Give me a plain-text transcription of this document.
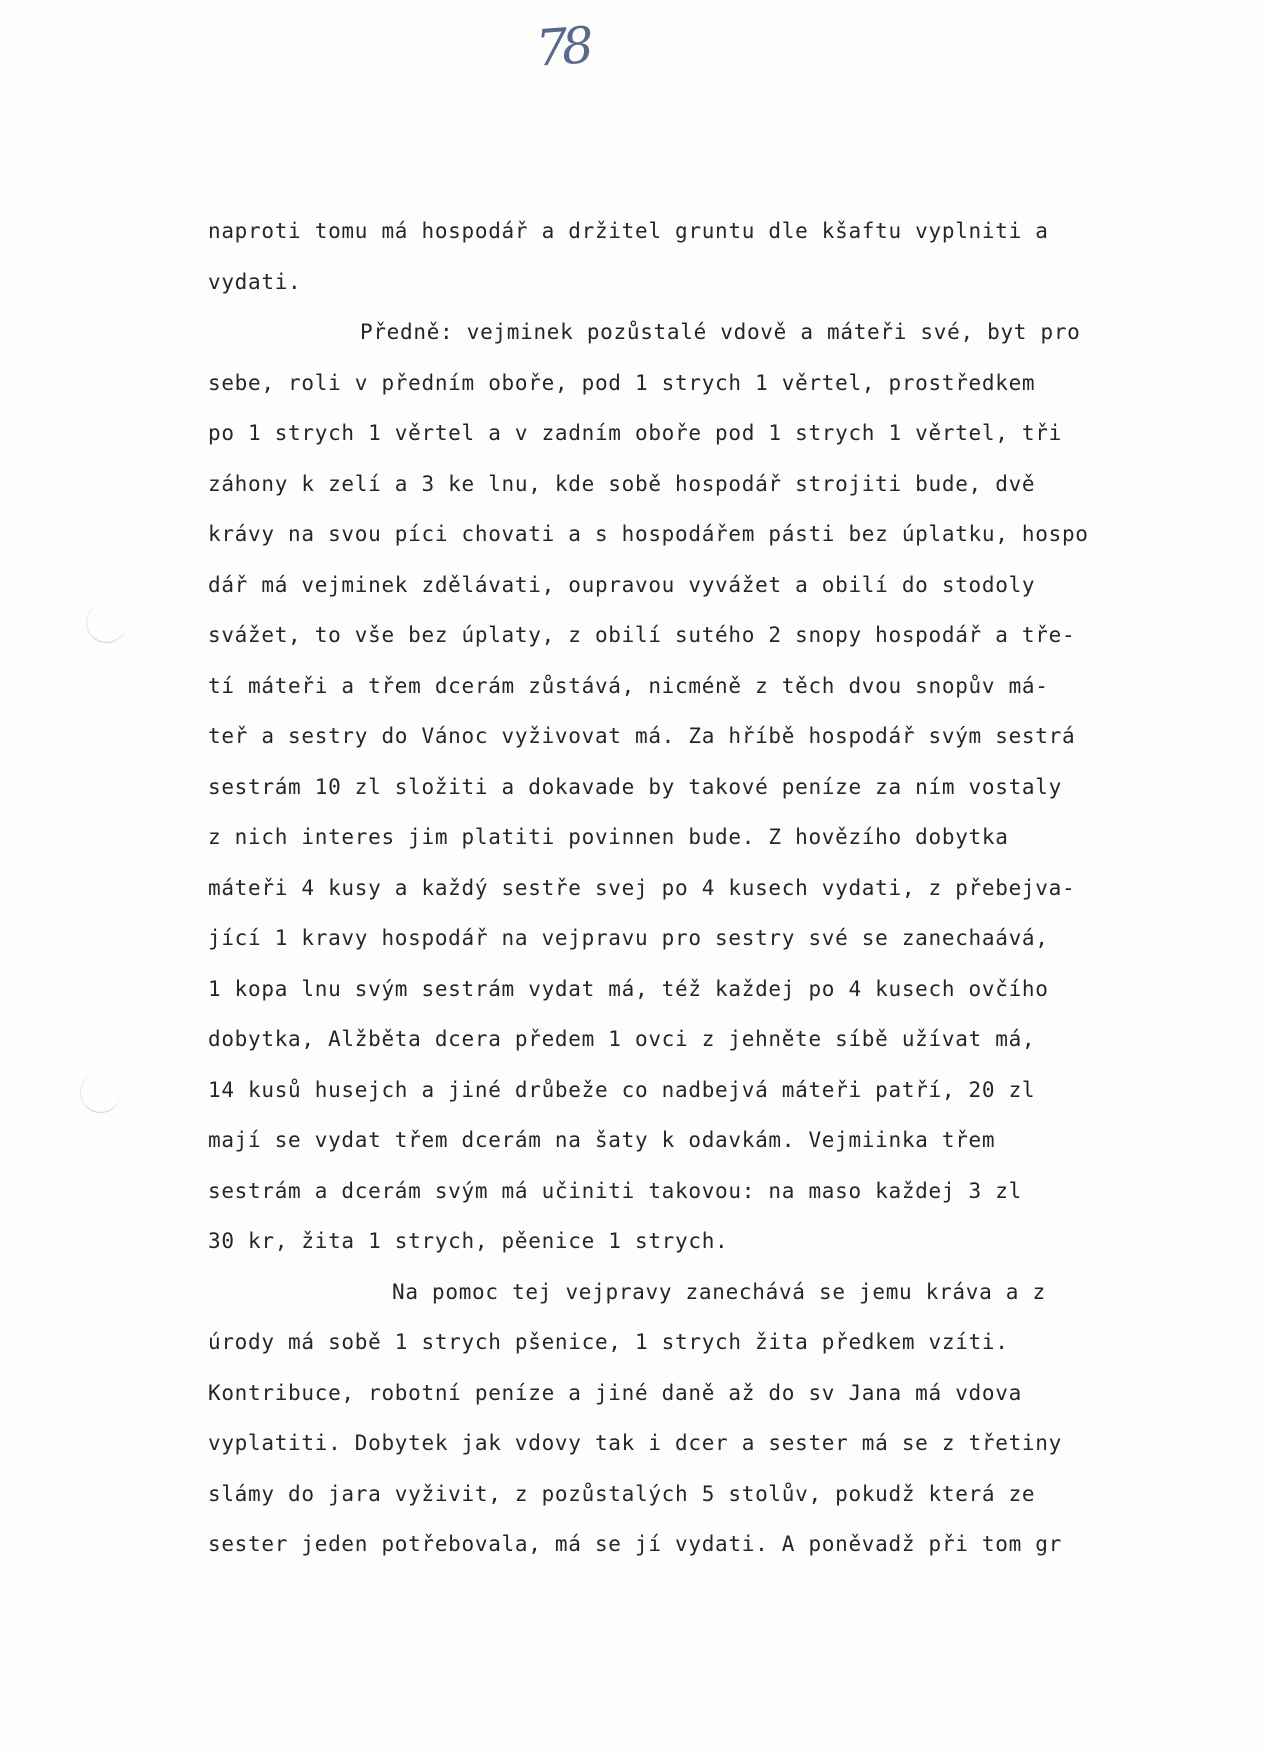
78
naproti tomu má hospodář a držitel gruntu dle kšaftu vyplniti a
vydati.
Předně: vejminek pozůstalé vdově a máteři své, byt pro
sebe, roli v předním oboře, pod 1 strych 1 věrtel, prostředkem
po 1 strych 1 věrtel a v zadním oboře pod 1 strych 1 věrtel, tři
záhony k zelí a 3 ke lnu, kde sobě hospodář strojiti bude, dvě
krávy na svou píci chovati a s hospodářem pásti bez úplatku, hospo
dář má vejminek zdělávati, oupravou vyvážet a obilí do stodoly
svážet, to vše bez úplaty, z obilí sutého 2 snopy hospodář a tře-
tí máteři a třem dcerám zůstává, nicméně z těch dvou snopův má-
teř a sestry do Vánoc vyživovat má. Za hříbě hospodář svým sestrá
sestrám 10 zl složiti a dokavade by takové peníze za ním vostaly
z nich interes jim platiti povinnen bude. Z hovězího dobytka
máteři 4 kusy a každý sestře svej po 4 kusech vydati, z přebejva-
jící 1 kravy hospodář na vejpravu pro sestry své se zanechaává,
1 kopa lnu svým sestrám vydat má, též každej po 4 kusech ovčího
dobytka, Alžběta dcera předem 1 ovci z jehněte síbě užívat má,
14 kusů husejch a jiné drůbeže co nadbejvá máteři patří, 20 zl
mají se vydat třem dcerám na šaty k odavkám. Vejmiinka třem
sestrám a dcerám svým má učiniti takovou: na maso každej 3 zl
30 kr, žita 1 strych, pěenice 1 strych.
Na pomoc tej vejpravy zanechává se jemu kráva a z
úrody má sobě 1 strych pšenice, 1 strych žita předkem vzíti.
Kontribuce, robotní peníze a jiné daně až do sv Jana má vdova
vyplatiti. Dobytek jak vdovy tak i dcer a sester má se z třetiny
slámy do jara vyživit, z pozůstalých 5 stolův, pokudž která ze
sester jeden potřebovala, má se jí vydati. A poněvadž při tom gr
